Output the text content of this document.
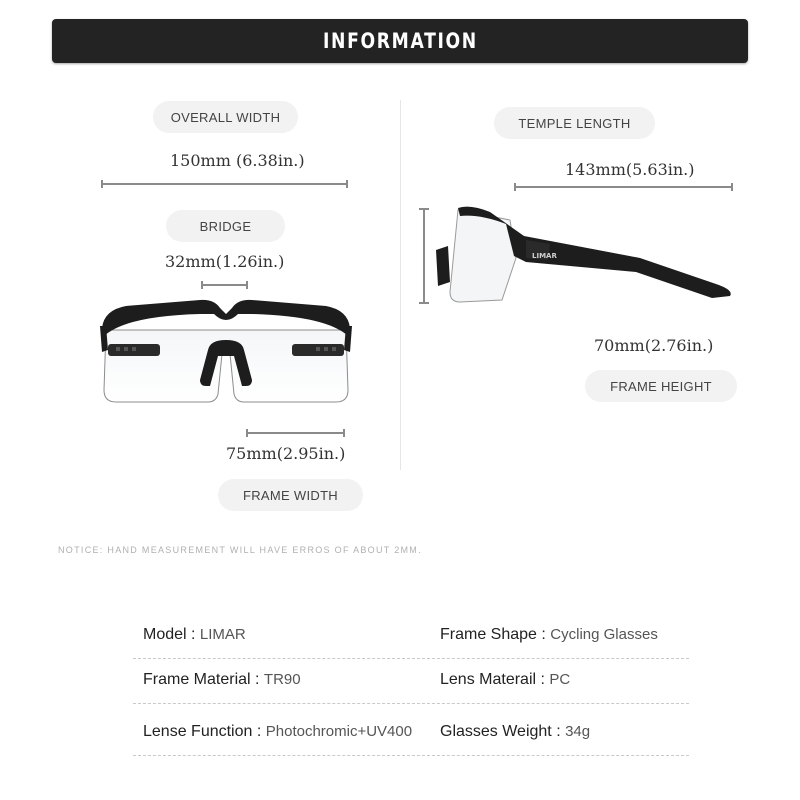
INFORMATION
OVERALL WIDTH
150mm (6.38in.)
BRIDGE
32mm(1.26in.)
75mm(2.95in.)
FRAME WIDTH
TEMPLE LENGTH
143mm(5.63in.)
LIMAR
70mm(2.76in.)
FRAME HEIGHT
NOTICE: HAND MEASUREMENT WILL HAVE ERROS OF ABOUT 2MM.
Model : LIMAR	Frame Shape : Cycling Glasses
Frame Material : TR90	Lens Materail : PC
Lense Function : Photochromic+UV400 Glasses Weight : 34g
